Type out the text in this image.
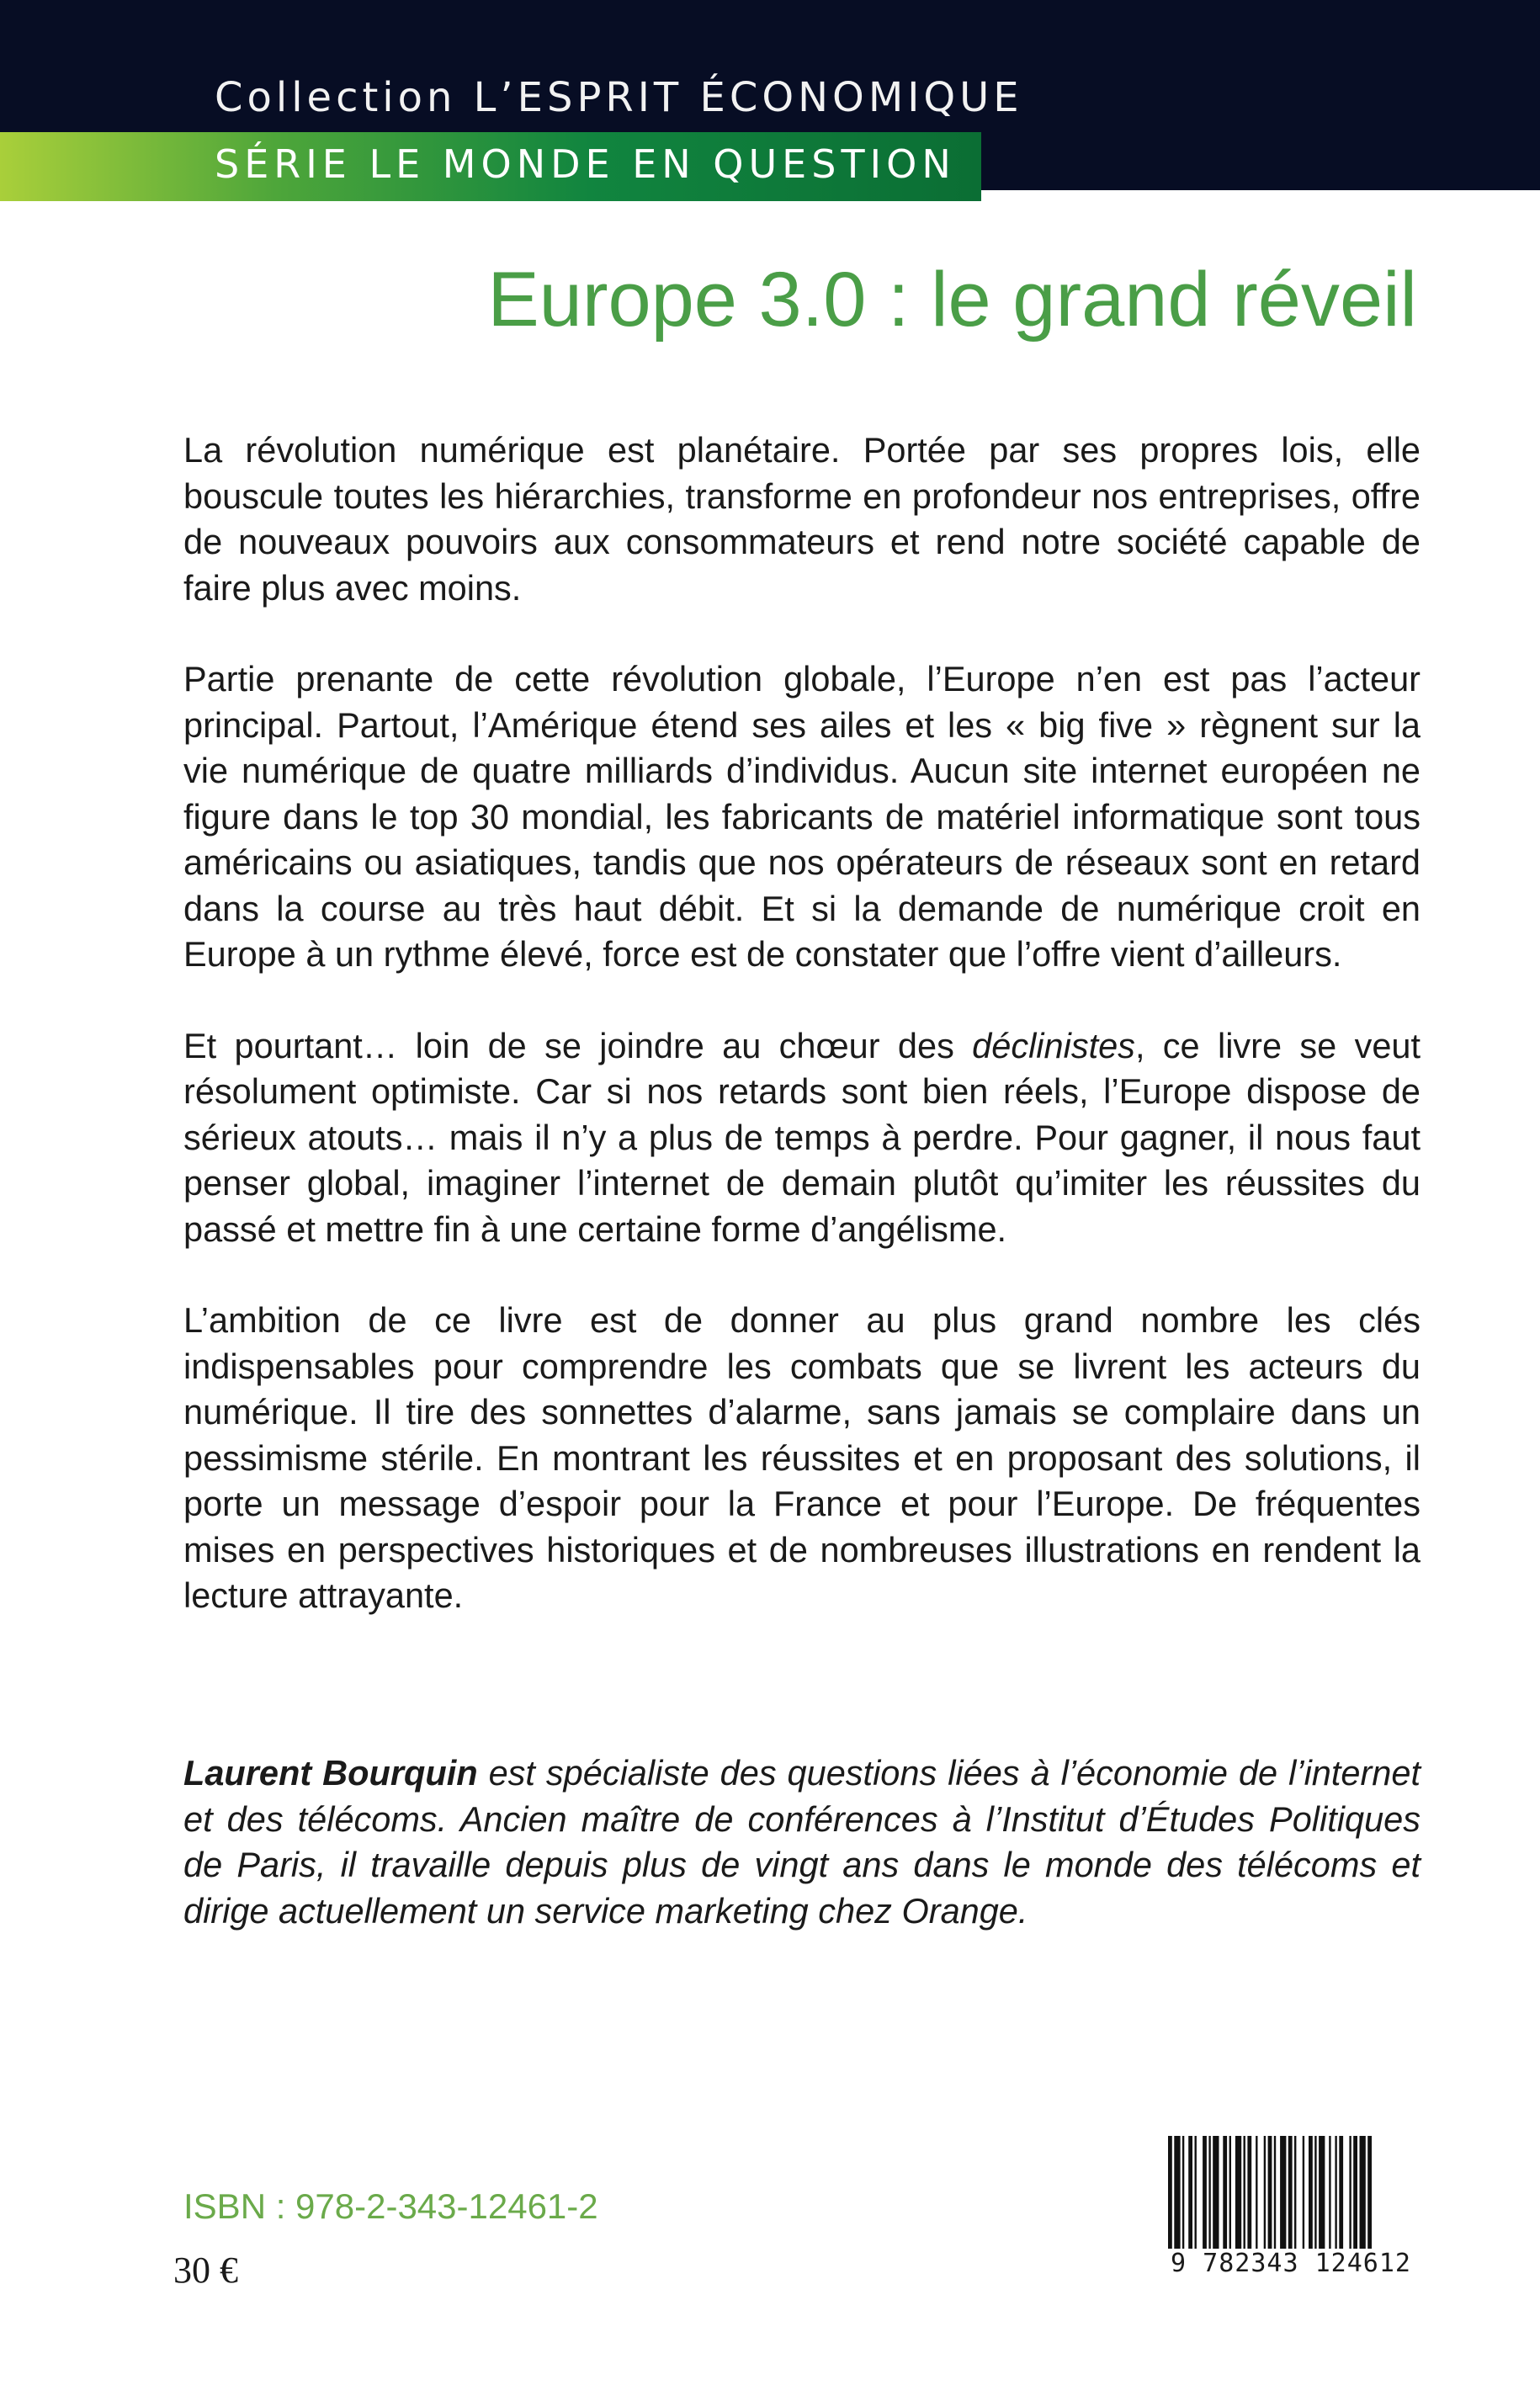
Collection L’ESPRIT ÉCONOMIQUE
SÉRIE LE MONDE EN QUESTION
Europe 3.0 : le grand réveil

La révolution numérique est planétaire. Portée par ses propres lois, elle bouscule toutes les hiérarchies, transforme en profondeur nos entreprises, offre de nouveaux pouvoirs aux consommateurs et rend notre société capable de faire plus avec moins.

Partie prenante de cette révolution globale, l’Europe n’en est pas l’acteur principal. Partout, l’Amérique étend ses ailes et les « big five » règnent sur la vie numérique de quatre milliards d’individus. Aucun site internet européen ne figure dans le top 30 mondial, les fabricants de matériel informatique sont tous américains ou asiatiques, tandis que nos opérateurs de réseaux sont en retard dans la course au très haut débit. Et si la demande de numérique croit en Europe à un rythme élevé, force est de constater que l’offre vient d’ailleurs.

Et pourtant… loin de se joindre au chœur des déclinistes, ce livre se veut résolument optimiste. Car si nos retards sont bien réels, l’Europe dispose de sérieux atouts… mais il n’y a plus de temps à perdre. Pour gagner, il nous faut penser global, imaginer l’internet de demain plutôt qu’imiter les réussites du passé et mettre fin à une certaine forme d’angélisme.

L’ambition de ce livre est de donner au plus grand nombre les clés indispensables pour comprendre les combats que se livrent les acteurs du numérique. Il tire des sonnettes d’alarme, sans jamais se complaire dans un pessimisme stérile. En montrant les réussites et en proposant des solutions, il porte un message d’espoir pour la France et pour l’Europe. De fréquentes mises en perspectives historiques et de nombreuses illustrations en rendent la lecture attrayante.

Laurent Bourquin est spécialiste des questions liées à l’économie de l’internet et des télécoms. Ancien maître de conférences à l’Institut d’Études Politiques de Paris, il travaille depuis plus de vingt ans dans le monde des télécoms et dirige actuellement un service marketing chez Orange.
ISBN : 978-2-343-12461-2
30 €	9 782343 124612
